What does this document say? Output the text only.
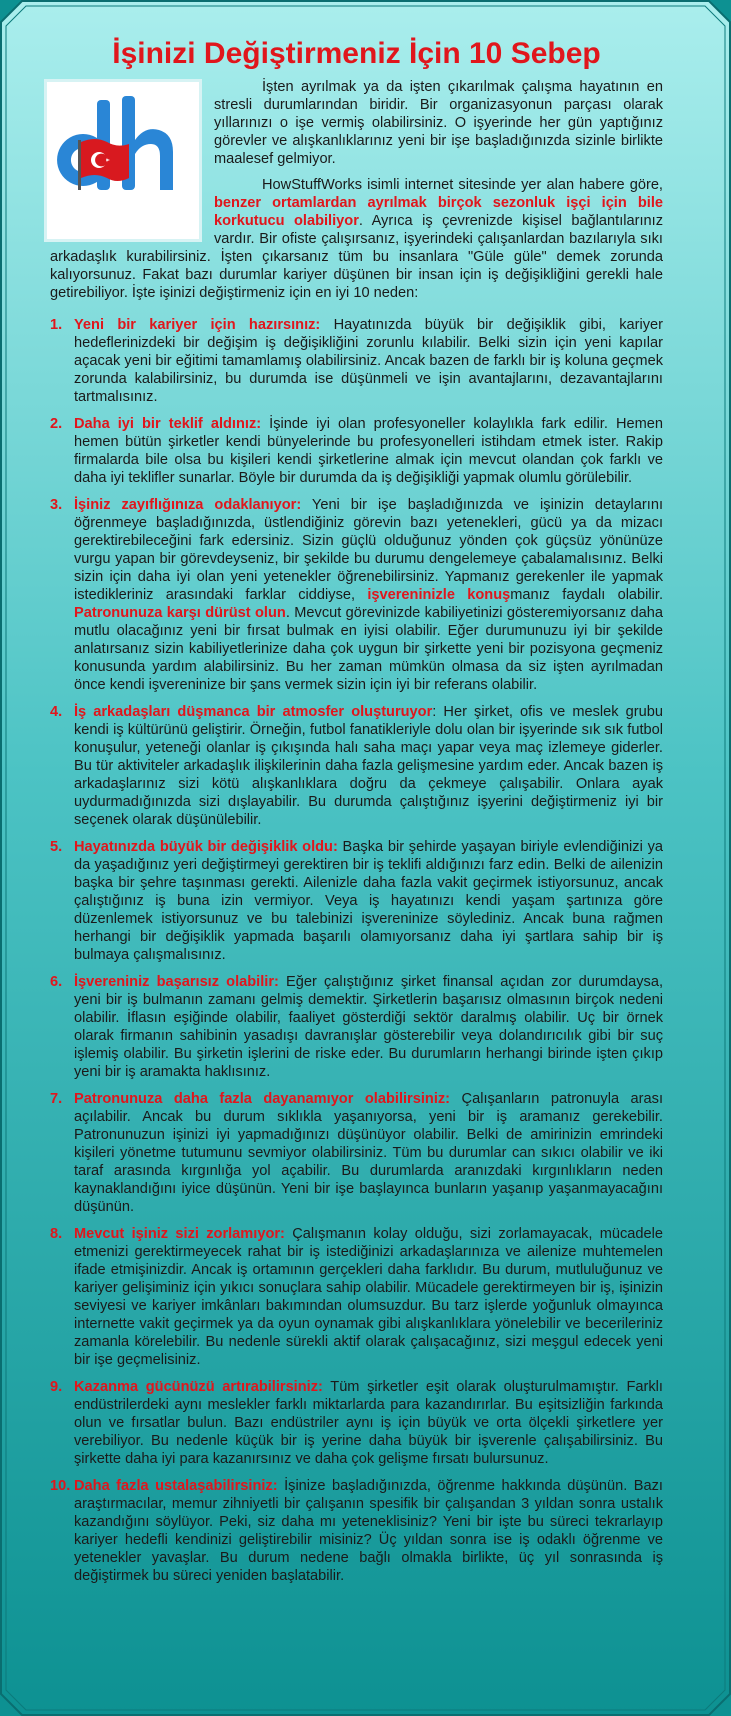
İşinizi Değiştirmeniz İçin 10 Sebep

İşten ayrılmak ya da işten çıkarılmak çalışma hayatının en stresli durumlarından biridir. Bir organizasyonun parçası olarak yıllarınızı o işe vermiş olabilirsiniz. O işyerinde her gün yaptığınız görevler ve alışkanlıklarınız yeni bir işe başladığınızda sizinle birlikte maalesef gelmiyor.

HowStuffWorks isimli internet sitesinde yer alan habere göre, benzer ortamlardan ayrılmak birçok sezonluk işçi için bile korkutucu olabiliyor. Ayrıca iş çevrenizde kişisel bağlantılarınız vardır. Bir ofiste çalışırsanız, işyerindeki çalışanlardan bazılarıyla sıkı arkadaşlık kurabilirsiniz. İşten çıkarsanız tüm bu insanlara "Güle güle" demek zorunda kalıyorsunuz. Fakat bazı durumlar kariyer düşünen bir insan için iş değişikliğini gerekli hale getirebiliyor. İşte işinizi değiştirmeniz için en iyi 10 neden:

1. Yeni bir kariyer için hazırsınız: Hayatınızda büyük bir değişiklik gibi, kariyer hedeflerinizdeki bir değişim iş değişikliğini zorunlu kılabilir. Belki sizin için yeni kapılar açacak yeni bir eğitimi tamamlamış olabilirsiniz. Ancak bazen de farklı bir iş koluna geçmek zorunda kalabilirsiniz, bu durumda ise düşünmeli ve işin avantajlarını, dezavantajlarını tartmalısınız.
2. Daha iyi bir teklif aldınız: İşinde iyi olan profesyoneller kolaylıkla fark edilir. Hemen hemen bütün şirketler kendi bünyelerinde bu profesyonelleri istihdam etmek ister. Rakip firmalarda bile olsa bu kişileri kendi şirketlerine almak için mevcut olandan çok farklı ve daha iyi teklifler sunarlar. Böyle bir durumda da iş değişikliği yapmak olumlu görülebilir.
3. İşiniz zayıflığınıza odaklanıyor: Yeni bir işe başladığınızda ve işinizin detaylarını öğrenmeye başladığınızda, üstlendiğiniz görevin bazı yetenekleri, gücü ya da mizacı gerektirebileceğini fark edersiniz. Sizin güçlü olduğunuz yönden çok güçsüz yönünüze vurgu yapan bir görevdeyseniz, bir şekilde bu durumu dengelemeye çabalamalısınız. Belki sizin için daha iyi olan yeni yetenekler öğrenebilirsiniz. Yapmanız gerekenler ile yapmak istedikleriniz arasındaki farklar ciddiyse, işvereninizle konuşmanız faydalı olabilir. Patronunuza karşı dürüst olun. Mevcut görevinizde kabiliyetinizi gösteremiyorsanız daha mutlu olacağınız yeni bir fırsat bulmak en iyisi olabilir. Eğer durumunuzu iyi bir şekilde anlatırsanız sizin kabiliyetlerinize daha çok uygun bir şirkette yeni bir pozisyona geçmeniz konusunda yardım alabilirsiniz. Bu her zaman mümkün olmasa da siz işten ayrılmadan önce kendi işvereninize bir şans vermek sizin için iyi bir referans olabilir.
4. İş arkadaşları düşmanca bir atmosfer oluşturuyor: Her şirket, ofis ve meslek grubu kendi iş kültürünü geliştirir. Örneğin, futbol fanatikleriyle dolu olan bir işyerinde sık sık futbol konuşulur, yeteneği olanlar iş çıkışında halı saha maçı yapar veya maç izlemeye giderler. Bu tür aktiviteler arkadaşlık ilişkilerinin daha fazla gelişmesine yardım eder. Ancak bazen iş arkadaşlarınız sizi kötü alışkanlıklara doğru da çekmeye çalışabilir. Onlara ayak uydurmadığınızda sizi dışlayabilir. Bu durumda çalıştığınız işyerini değiştirmeniz iyi bir seçenek olarak düşünülebilir.
5. Hayatınızda büyük bir değişiklik oldu: Başka bir şehirde yaşayan biriyle evlendiğinizi ya da yaşadığınız yeri değiştirmeyi gerektiren bir iş teklifi aldığınızı farz edin. Belki de ailenizin başka bir şehre taşınması gerekti. Ailenizle daha fazla vakit geçirmek istiyorsunuz, ancak çalıştığınız iş buna izin vermiyor. Veya iş hayatınızı kendi yaşam şartınıza göre düzenlemek istiyorsunuz ve bu talebinizi işvereninize söylediniz. Ancak buna rağmen herhangi bir değişiklik yapmada başarılı olamıyorsanız daha iyi şartlara sahip bir iş bulmaya çalışmalısınız.
6. İşvereniniz başarısız olabilir: Eğer çalıştığınız şirket finansal açıdan zor durumdaysa, yeni bir iş bulmanın zamanı gelmiş demektir. Şirketlerin başarısız olmasının birçok nedeni olabilir. İflasın eşiğinde olabilir, faaliyet gösterdiği sektör daralmış olabilir. Uç bir örnek olarak firmanın sahibinin yasadışı davranışlar gösterebilir veya dolandırıcılık gibi bir suç işlemiş olabilir. Bu şirketin işlerini de riske eder. Bu durumların herhangi birinde işten çıkıp yeni bir iş aramakta haklısınız.
7. Patronunuza daha fazla dayanamıyor olabilirsiniz: Çalışanların patronuyla arası açılabilir. Ancak bu durum sıklıkla yaşanıyorsa, yeni bir iş aramanız gerekebilir. Patronunuzun işinizi iyi yapmadığınızı düşünüyor olabilir. Belki de amirinizin emrindeki kişileri yönetme tutumunu sevmiyor olabilirsiniz. Tüm bu durumlar can sıkıcı olabilir ve iki taraf arasında kırgınlığa yol açabilir. Bu durumlarda aranızdaki kırgınlıkların neden kaynaklandığını iyice düşünün. Yeni bir işe başlayınca bunların yaşanıp yaşanmayacağını düşünün.
8. Mevcut işiniz sizi zorlamıyor: Çalışmanın kolay olduğu, sizi zorlamayacak, mücadele etmenizi gerektirmeyecek rahat bir iş istediğinizi arkadaşlarınıza ve ailenize muhtemelen ifade etmişinizdir. Ancak iş ortamının gerçekleri daha farklıdır. Bu durum, mutluluğunuz ve kariyer gelişiminiz için yıkıcı sonuçlara sahip olabilir. Mücadele gerektirmeyen bir iş, işinizin seviyesi ve kariyer imkânları bakımından olumsuzdur. Bu tarz işlerde yoğunluk olmayınca internette vakit geçirmek ya da oyun oynamak gibi alışkanlıklara yönelebilir ve becerileriniz zamanla körelebilir. Bu nedenle sürekli aktif olarak çalışacağınız, sizi meşgul edecek yeni bir işe geçmelisiniz.
9. Kazanma gücünüzü artırabilirsiniz: Tüm şirketler eşit olarak oluşturulmamıştır. Farklı endüstrilerdeki aynı meslekler farklı miktarlarda para kazandırırlar. Bu eşitsizliğin farkında olun ve fırsatlar bulun. Bazı endüstriler aynı iş için büyük ve orta ölçekli şirketlere yer verebiliyor. Bu nedenle küçük bir iş yerine daha büyük bir işverenle çalışabilirsiniz. Bu şirkette daha iyi para kazanırsınız ve daha çok gelişme fırsatı bulursunuz.
10. Daha fazla ustalaşabilirsiniz: İşinize başladığınızda, öğrenme hakkında düşünün. Bazı araştırmacılar, memur zihniyetli bir çalışanın spesifik bir çalışandan 3 yıldan sonra ustalık kazandığını söylüyor. Peki, siz daha mı yeteneklisiniz? Yeni bir işte bu süreci tekrarlayıp kariyer hedefli kendinizi geliştirebilir misiniz? Üç yıldan sonra ise iş odaklı öğrenme ve yetenekler yavaşlar. Bu durum nedene bağlı olmakla birlikte, üç yıl sonrasında iş değiştirmek bu süreci yeniden başlatabilir.
